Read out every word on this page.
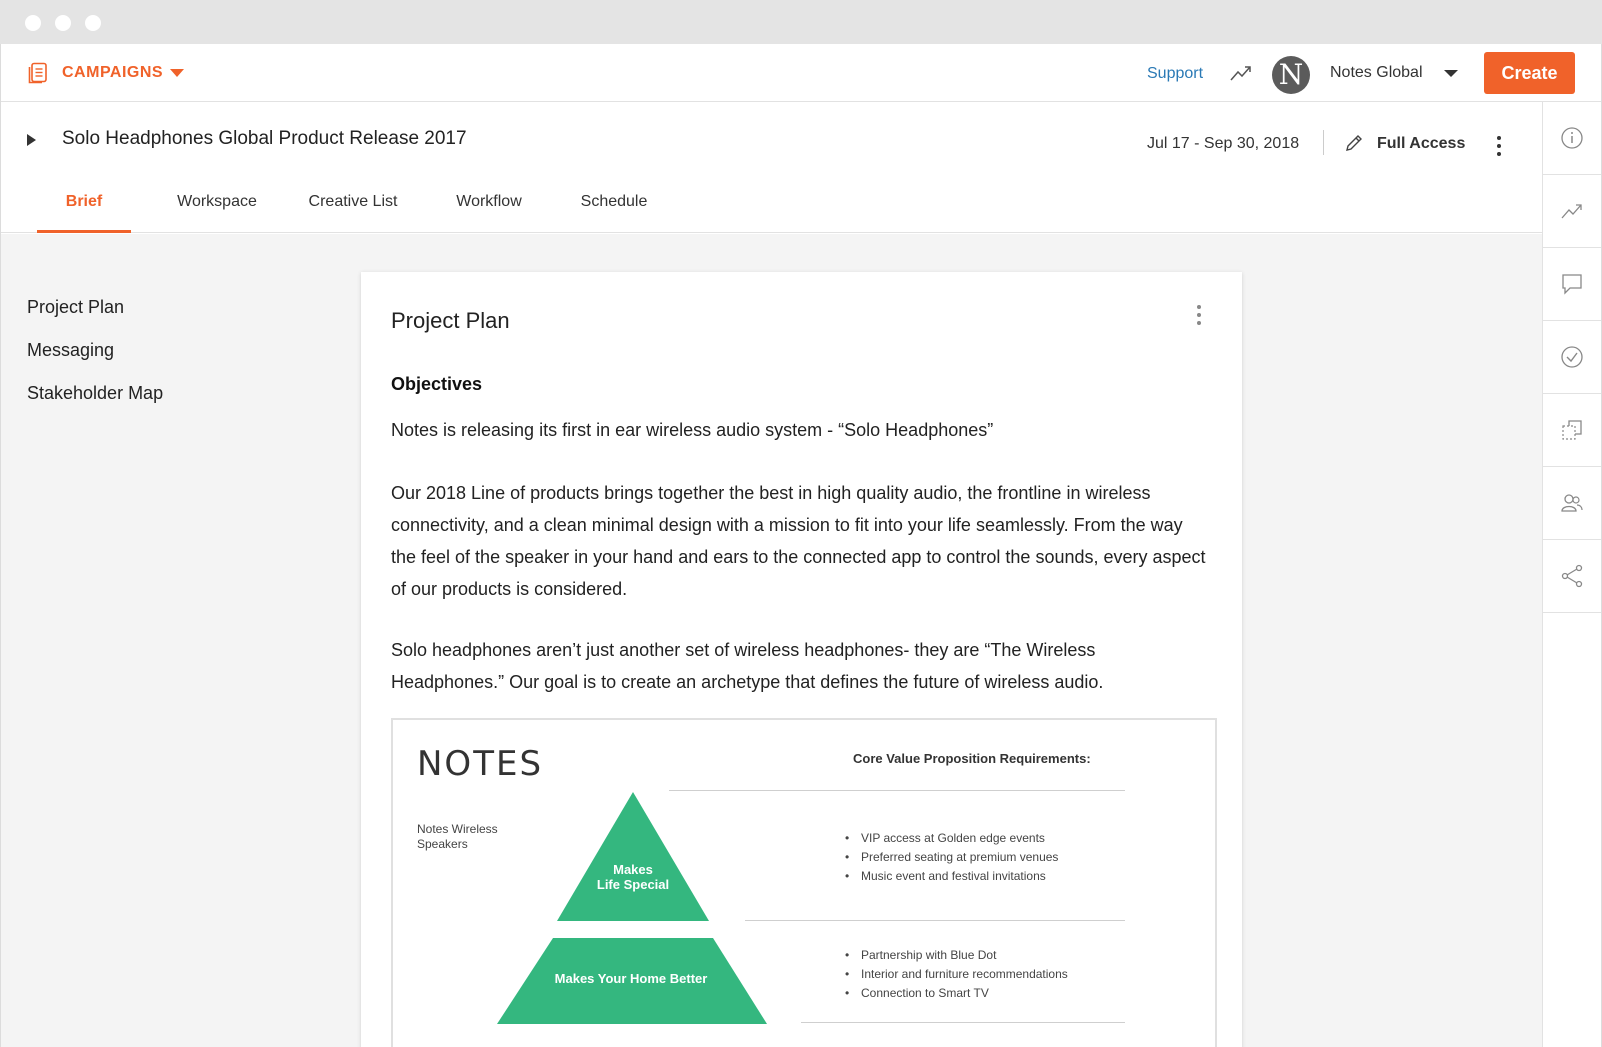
CAMPAIGNS	Support	N	Notes Global	Create
Solo Headphones Global Product Release 2017	Jul 17 - Sep 30, 2018	Full Access
Brief	Workspace	Creative List	Workflow	Schedule
Project Plan
Messaging
Stakeholder Map
Project Plan
Objectives

Notes is releasing its first in ear wireless audio system - “Solo Headphones”

Our 2018 Line of products brings together the best in high quality audio, the frontline in wireless connectivity, and a clean minimal design with a mission to fit into your life seamlessly. From the way the feel of the speaker in your hand and ears to the connected app to control the sounds, every aspect of our products is considered.

Solo headphones aren’t just another set of wireless headphones- they are “The Wireless Headphones.” Our goal is to create an archetype that defines the future of wireless audio.

NOTES	Core Value Proposition Requirements:
Notes Wireless Speakers
Makes
Life Special
Makes Your Home Better
• VIP access at Golden edge events
• Preferred seating at premium venues
• Music event and festival invitations
• Partnership with Blue Dot
• Interior and furniture recommendations
• Connection to Smart TV
